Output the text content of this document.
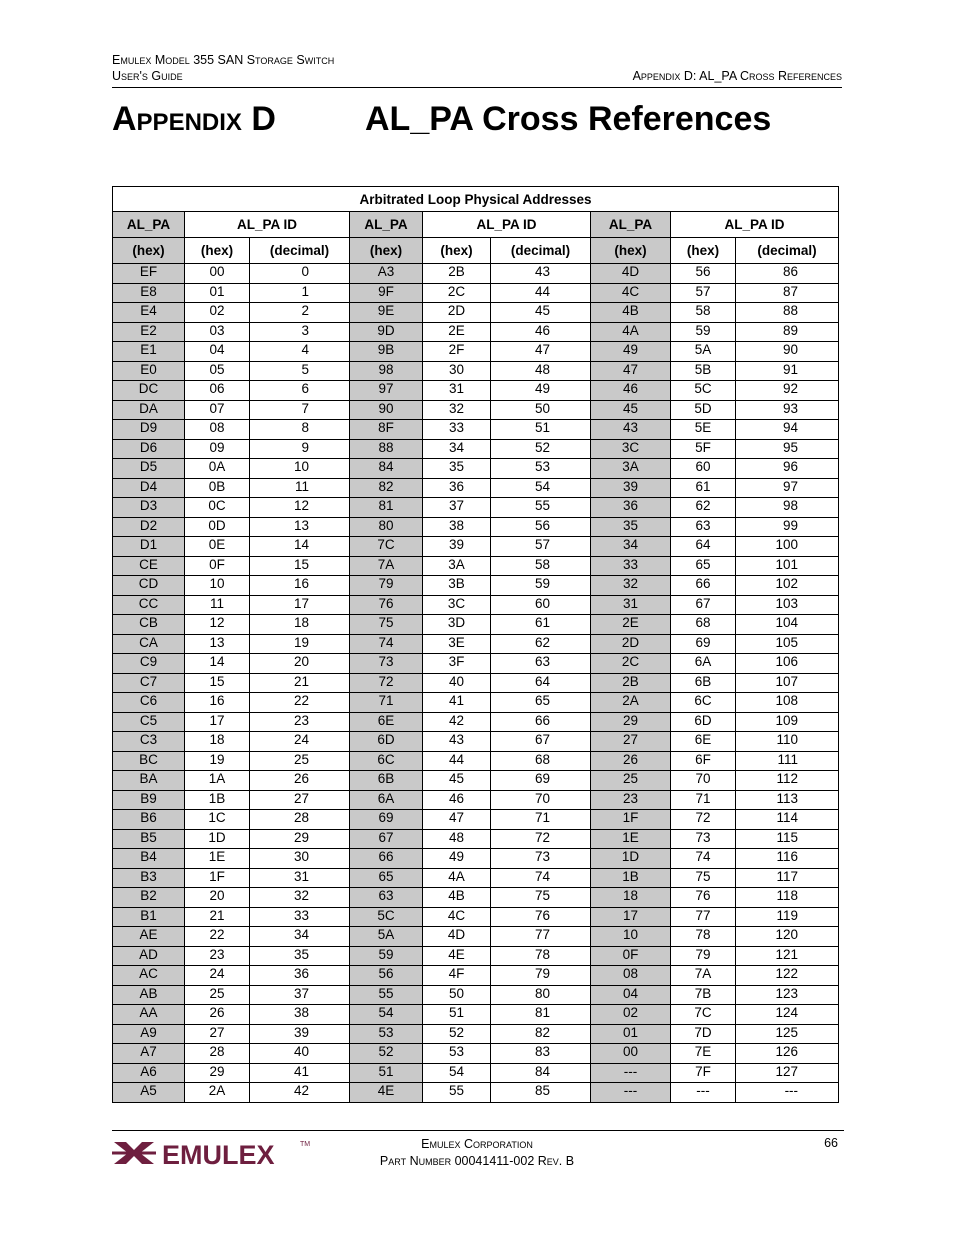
Emulex Model 355 SAN Storage Switch
User's Guide	Appendix D: AL_PA Cross References
Appendix D	AL_PA Cross References
Arbitrated Loop Physical Addresses								
AL_PA	AL_PA ID		AL_PA	AL_PA ID		AL_PA	AL_PA ID	
(hex)	(hex)	(decimal)	(hex)	(hex)	(decimal)	(hex)	(hex)	(decimal)
EF	00	0	A3	2B	43	4D	56	86
E8	01	1	9F	2C	44	4C	57	87
E4	02	2	9E	2D	45	4B	58	88
E2	03	3	9D	2E	46	4A	59	89
E1	04	4	9B	2F	47	49	5A	90
E0	05	5	98	30	48	47	5B	91
DC	06	6	97	31	49	46	5C	92
DA	07	7	90	32	50	45	5D	93
D9	08	8	8F	33	51	43	5E	94
D6	09	9	88	34	52	3C	5F	95
D5	0A	10	84	35	53	3A	60	96
D4	0B	11	82	36	54	39	61	97
D3	0C	12	81	37	55	36	62	98
D2	0D	13	80	38	56	35	63	99
D1	0E	14	7C	39	57	34	64	100
CE	0F	15	7A	3A	58	33	65	101
CD	10	16	79	3B	59	32	66	102
CC	11	17	76	3C	60	31	67	103
CB	12	18	75	3D	61	2E	68	104
CA	13	19	74	3E	62	2D	69	105
C9	14	20	73	3F	63	2C	6A	106
C7	15	21	72	40	64	2B	6B	107
C6	16	22	71	41	65	2A	6C	108
C5	17	23	6E	42	66	29	6D	109
C3	18	24	6D	43	67	27	6E	110
BC	19	25	6C	44	68	26	6F	111
BA	1A	26	6B	45	69	25	70	112
B9	1B	27	6A	46	70	23	71	113
B6	1C	28	69	47	71	1F	72	114
B5	1D	29	67	48	72	1E	73	115
B4	1E	30	66	49	73	1D	74	116
B3	1F	31	65	4A	74	1B	75	117
B2	20	32	63	4B	75	18	76	118
B1	21	33	5C	4C	76	17	77	119
AE	22	34	5A	4D	77	10	78	120
AD	23	35	59	4E	78	0F	79	121
AC	24	36	56	4F	79	08	7A	122
AB	25	37	55	50	80	04	7B	123
AA	26	38	54	51	81	02	7C	124
A9	27	39	53	52	82	01	7D	125
A7	28	40	52	53	83	00	7E	126
A6	29	41	51	54	84	---	7F	127
A5	2A	42	4E	55	85	---	---	---
EMULEX	TM	Emulex Corporation
Part Number 00041411-002 Rev. B
66
